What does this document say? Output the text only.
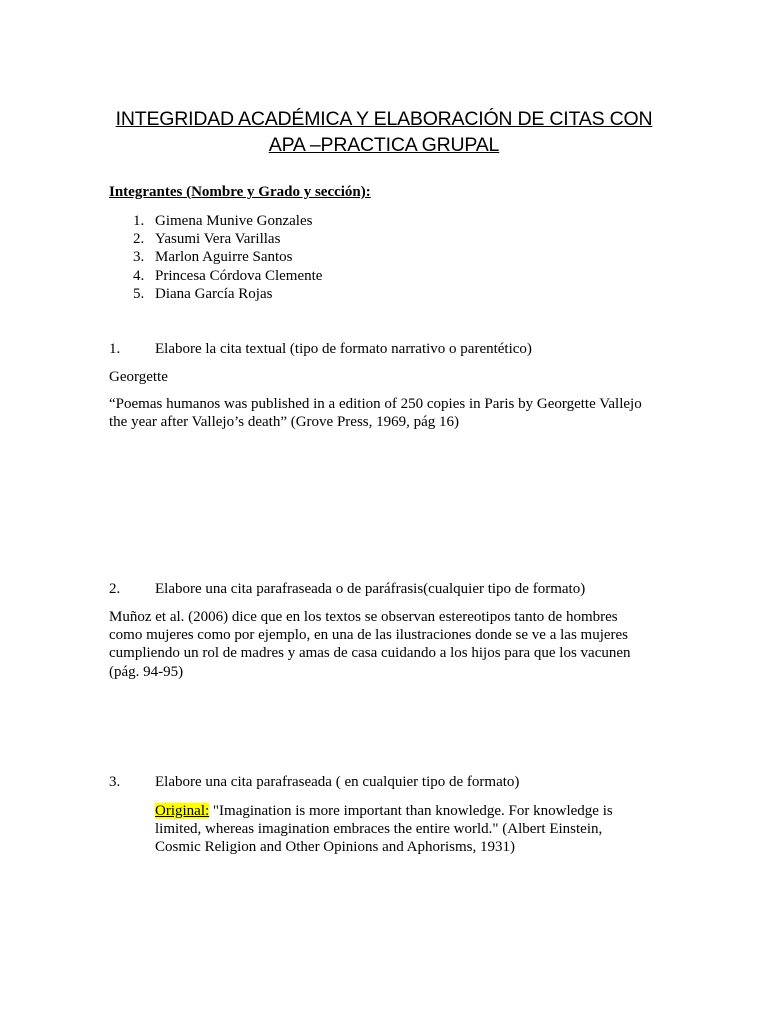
INTEGRIDAD ACADÉMICA Y ELABORACIÓN DE CITAS CON
APA –PRACTICA GRUPAL
Integrantes (Nombre y Grado y sección):
1. Gimena Munive Gonzales
2. Yasumi Vera Varillas
3. Marlon Aguirre Santos
4. Princesa Córdova Clemente
5. Diana García Rojas
1. Elabore la cita textual (tipo de formato narrativo o parentético)
Georgette
“Poemas humanos was published in a edition of 250 copies in Paris by Georgette Vallejo the year after Vallejo’s death” (Grove Press, 1969, pág 16)
2. Elabore una cita parafraseada o de paráfrasis(cualquier tipo de formato)
Muñoz et al. (2006) dice que en los textos se observan estereotipos tanto de hombres como mujeres como por ejemplo, en una de las ilustraciones donde se ve a las mujeres cumpliendo un rol de madres y amas de casa cuidando a los hijos para que los vacunen (pág. 94-95)
3. Elabore una cita parafraseada ( en cualquier tipo de formato)
Original: "Imagination is more important than knowledge. For knowledge is limited, whereas imagination embraces the entire world." (Albert Einstein, Cosmic Religion and Other Opinions and Aphorisms, 1931)
